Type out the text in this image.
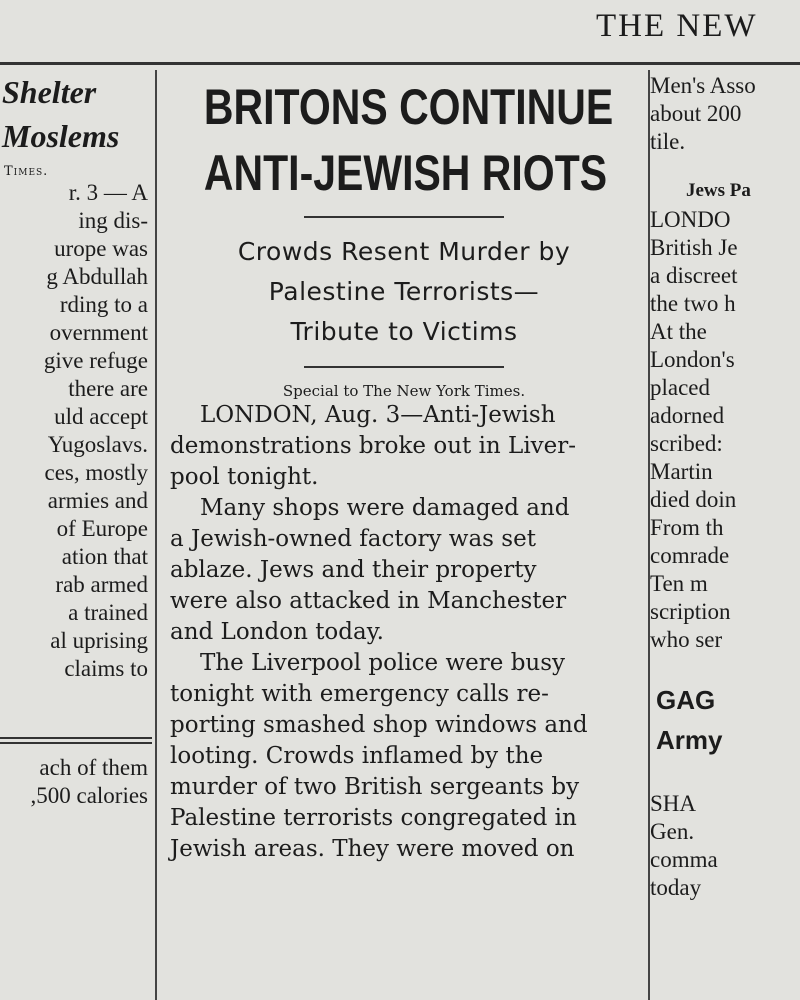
THE NEW
Shelter
Moslems
Times.
r. 3 — A
ing dis-
urope was
g Abdullah
rding to a
overnment
give refuge
there are
uld accept
Yugoslavs.
ces, mostly
armies and
of Europe
ation that
rab armed
a trained
al uprising
claims to
ach of them
,500 calories
BRITONS CONTINUE
ANTI-JEWISH RIOTS
Crowds Resent Murder by
Palestine Terrorists—
Tribute to Victims
Special to The New York Times.
LONDON, Aug. 3—Anti-Jewish
demonstrations broke out in Liver-
pool tonight.
Many shops were damaged and
a Jewish-owned factory was set
ablaze. Jews and their property
were also attacked in Manchester
and London today.
The Liverpool police were busy
tonight with emergency calls re-
porting smashed shop windows and
looting. Crowds inflamed by the
murder of two British sergeants by
Palestine terrorists congregated in
Jewish areas. They were moved on
Men's Asso
about 200
tile.
Jews Pa
LONDO
British Je
a discreet
the two h
At the
London's
placed
adorned
scribed:
Martin
died doin
From th
comrade
Ten m
scription
who ser
GAG
Army
SHA
Gen.
comma
today
